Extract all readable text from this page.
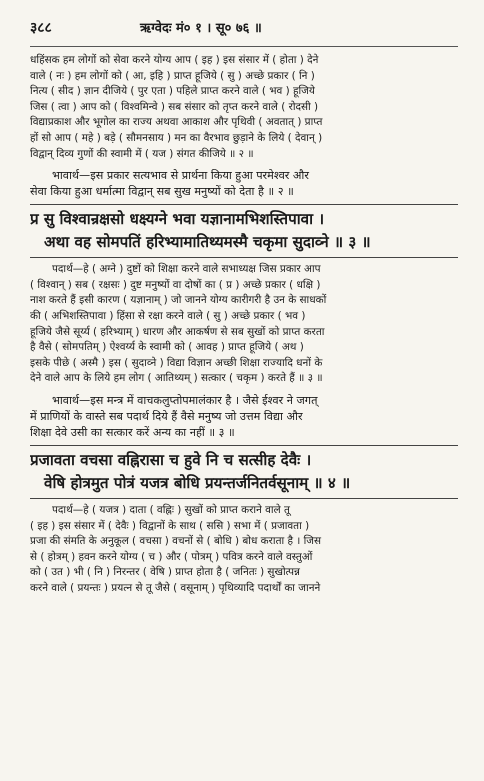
३८८	ऋग्वेदः मं० १ । सू० ७६ ॥
धहिंसक हम लोगों को सेवा करने योग्य आप ( इह ) इस संसार में ( होता ) देने
वाले ( नः ) हम लोगों को ( आ, इहि ) प्राप्त हूजिये ( सु ) अच्छे प्रकार ( नि )
नित्य ( सीद ) ज्ञान दीजिये ( पुर एता ) पहिले प्राप्त करने वाले ( भव ) हूजिये
जिस ( त्वा ) आप को ( विश्वमिन्वे ) सब संसार को तृप्त करने वाले ( रोदसी )
विद्याप्रकाश और भूगोल का राज्य अथवा आकाश और पृथिवी ( अवतात् ) प्राप्त
हों सो आप ( महे ) बड़े ( सौमनसाय ) मन का वैरभाव छुड़ाने के लिये ( देवान् )
विद्वान् दिव्य गुणों की स्वामी में ( यज ) संगत कीजिये ॥ २ ॥
भावार्थ—इस प्रकार सत्यभाव से प्रार्थना किया हुआ परमेश्वर और
सेवा किया हुआ धर्मात्मा विद्वान् सब सुख मनुष्यों को देता है ॥ २ ॥
प्र सु विश्वान्रक्षसो धक्ष्यग्ने भवा यज्ञानामभिशस्तिपावा ।
अथा वह सोमपतिं हरिभ्यामातिथ्यमस्मै चकृमा सुदाव्ने ॥ ३ ॥
पदार्थ—हे ( अग्ने ) दुष्टों को शिक्षा करने वाले सभाध्यक्ष जिस प्रकार आप
( विश्वान् ) सब ( रक्षसः ) दुष्ट मनुष्यों वा दोषों का ( प्र ) अच्छे प्रकार ( धक्षि )
नाश करते हैं इसी कारण ( यज्ञानाम् ) जो जानने योग्य कारीगरी है उन के साधकों
की ( अभिशस्तिपावा ) हिंसा से रक्षा करने वाले ( सु ) अच्छे प्रकार ( भव )
हूजिये जैसे सूर्य्य ( हरिभ्याम् ) धारण और आकर्षण से सब सुखों को प्राप्त करता
है वैसे ( सोमपतिम् ) ऐश्वर्य्य के स्वामी को ( आवह ) प्राप्त हूजिये ( अथ )
इसके पीछे ( अस्मै ) इस ( सुदाव्ने ) विद्या विज्ञान अच्छी शिक्षा राज्यादि धनों के
देने वाले आप के लिये हम लोग ( आतिथ्यम् ) सत्कार ( चकृम ) करते हैं ॥ ३ ॥
भावार्थ—इस मन्त्र में वाचकलुप्तोपमालंकार है । जैसे ईश्वर ने जगत्
में प्राणियों के वास्ते सब पदार्थ दिये हैं वैसे मनुष्य जो उत्तम विद्या और
शिक्षा देवे उसी का सत्कार करें अन्य का नहीं ॥ ३ ॥
प्रजावता वचसा वह्निरासा च हुवे नि च सत्सीह देवैः ।
वेषि होत्रमुत पोत्रं यजत्र बोधि प्रयन्तर्जनितर्वसूनाम् ॥ ४ ॥
पदार्थ—हे ( यजत्र ) दाता ( वह्निः ) सुखों को प्राप्त कराने वाले तू
( इह ) इस संसार में ( देवैः ) विद्वानों के साथ ( ससि ) सभा में ( प्रजावता )
प्रजा की संमति के अनुकूल ( वचसा ) वचनों से ( बोधि ) बोध कराता है । जिस
से ( होत्रम् ) हवन करने योग्य ( च ) और ( पोत्रम् ) पवित्र करने वाले वस्तुओं
को ( उत ) भी ( नि ) निरन्तर ( वेषि ) प्राप्त होता है ( जनितः ) सुखोत्पन्न
करने वाले ( प्रयन्तः ) प्रयत्न से तू जैसे ( वसूनाम् ) पृथिव्यादि पदार्थों का जानने
